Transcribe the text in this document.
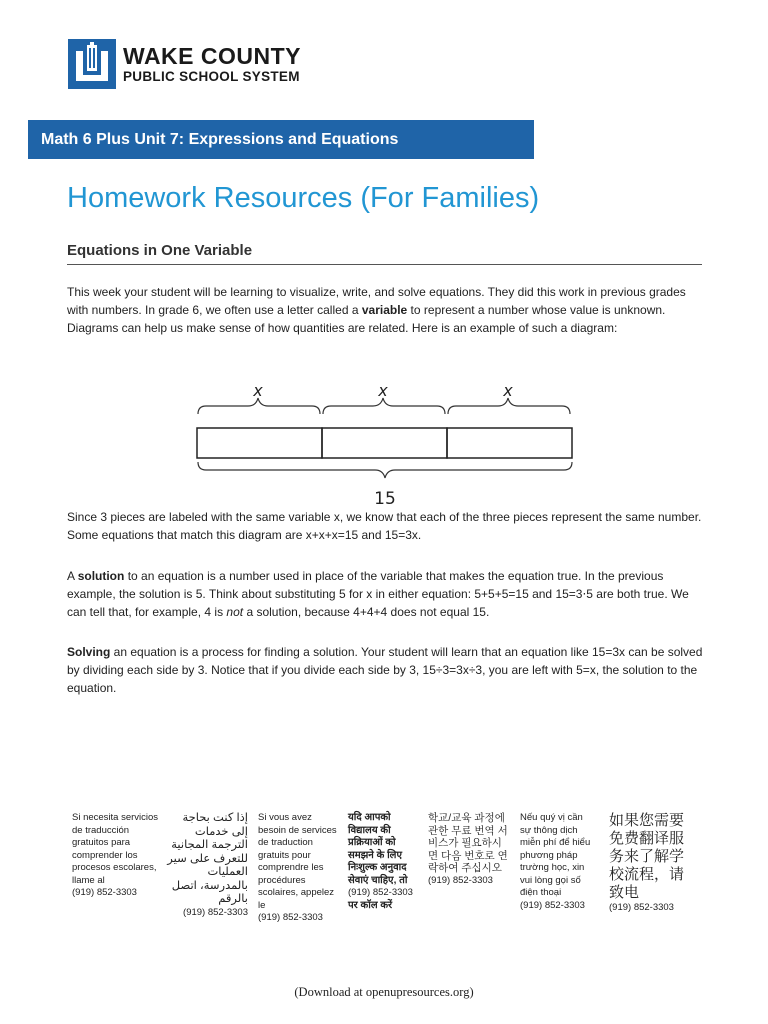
WAKE COUNTY
PUBLIC SCHOOL SYSTEM
Math 6 Plus Unit 7: Expressions and Equations
Homework Resources (For Families)
Equations in One Variable
This week your student will be learning to visualize, write, and solve equations. They did this work in previous grades with numbers. In grade 6, we often use a letter called a variable to represent a number whose value is unknown. Diagrams can help us make sense of how quantities are related. Here is an example of such a diagram:
x	x	x
15
Since 3 pieces are labeled with the same variable x, we know that each of the three pieces represent the same number. Some equations that match this diagram are x+x+x=15 and 15=3x.
A solution to an equation is a number used in place of the variable that makes the equation true. In the previous example, the solution is 5. Think about substituting 5 for x in either equation: 5+5+5=15 and 15=3⋅5 are both true. We can tell that, for example, 4 is not a solution, because 4+4+4 does not equal 15.
Solving an equation is a process for finding a solution. Your student will learn that an equation like 15=3x can be solved by dividing each side by 3. Notice that if you divide each side by 3, 15÷3=3x÷3, you are left with 5=x, the solution to the equation.
Si necesita servicios de traducción gratuitos para comprender los procesos escolares, llame al
(919) 852-3303
إذا كنت بحاجة إلى خدمات الترجمة المجانية للتعرف على سير العمليات بالمدرسة، اتصل بالرقم
(919) 852-3303
Si vous avez besoin de services de traduction gratuits pour comprendre les procédures scolaires, appelez le
(919) 852-3303
यदि आपको विद्यालय की प्रक्रियाओं को समझने के लिए निःशुल्क अनुवाद सेवाएं चाहिए, तो
(919) 852-3303
पर कॉल करें
학교/교육 과정에 관한 무료 번역 서비스가 필요하시면 다음 번호로 연락하여 주십시오
(919) 852-3303
Nếu quý vị cần sự thông dịch miễn phí để hiểu phương pháp trường học, xin vui lòng gọi số điện thoại
(919) 852-3303
如果您需要免费翻译服务来了解学校流程，请致电
(919) 852-3303
(Download at openupresources.org)
